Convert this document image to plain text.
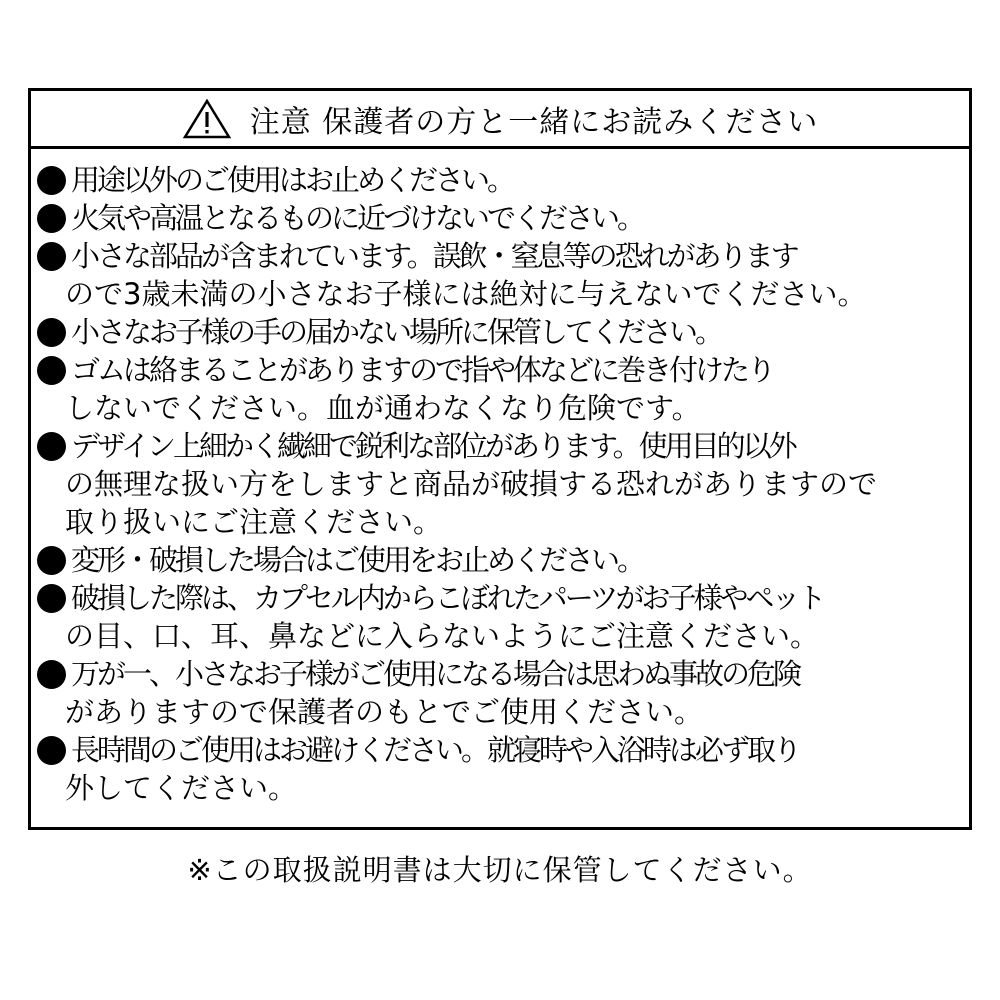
注意 保護者の方と一緒にお読みください
用途以外のご使用はお止めください。
火気や高温となるものに近づけないでください。
小さな部品が含まれています。誤飲・窒息等の恐れがあります
ので3歳未満の小さなお子様には絶対に与えないでください。
小さなお子様の手の届かない場所に保管してください。
ゴムは絡まることがありますので指や体などに巻き付けたり
しないでください。血が通わなくなり危険です。
デザイン上細かく繊細で鋭利な部位があります。使用目的以外
の無理な扱い方をしますと商品が破損する恐れがありますので
取り扱いにご注意ください。
変形・破損した場合はご使用をお止めください。
破損した際は、カプセル内からこぼれたパーツがお子様やペット
の目、口、耳、鼻などに入らないようにご注意ください。
万が一、小さなお子様がご使用になる場合は思わぬ事故の危険
がありますので保護者のもとでご使用ください。
長時間のご使用はお避けください。就寝時や入浴時は必ず取り
外してください。
※この取扱説明書は大切に保管してください。
